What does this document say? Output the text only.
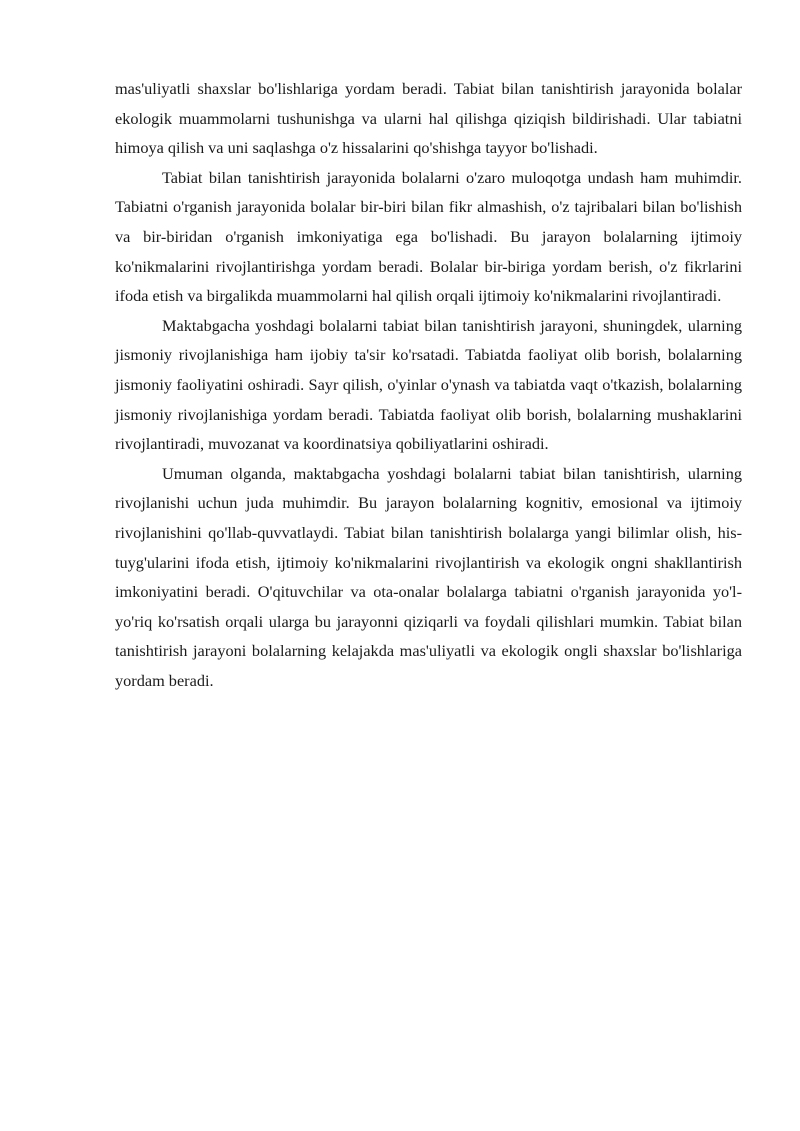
mas'uliyatli shaxslar bo'lishlariga yordam beradi. Tabiat bilan tanishtirish jarayonida bolalar ekologik muammolarni tushunishga va ularni hal qilishga qiziqish bildirishadi. Ular tabiatni himoya qilish va uni saqlashga o'z hissalarini qo'shishga tayyor bo'lishadi.

Tabiat bilan tanishtirish jarayonida bolalarni o'zaro muloqotga undash ham muhimdir. Tabiatni o'rganish jarayonida bolalar bir-biri bilan fikr almashish, o'z tajribalari bilan bo'lishish va bir-biridan o'rganish imkoniyatiga ega bo'lishadi. Bu jarayon bolalarning ijtimoiy ko'nikmalarini rivojlantirishga yordam beradi. Bolalar bir-biriga yordam berish, o'z fikrlarini ifoda etish va birgalikda muammolarni hal qilish orqali ijtimoiy ko'nikmalarini rivojlantiradi.

Maktabgacha yoshdagi bolalarni tabiat bilan tanishtirish jarayoni, shuningdek, ularning jismoniy rivojlanishiga ham ijobiy ta'sir ko'rsatadi. Tabiatda faoliyat olib borish, bolalarning jismoniy faoliyatini oshiradi. Sayr qilish, o'yinlar o'ynash va tabiatda vaqt o'tkazish, bolalarning jismoniy rivojlanishiga yordam beradi. Tabiatda faoliyat olib borish, bolalarning mushaklarini rivojlantiradi, muvozanat va koordinatsiya qobiliyatlarini oshiradi.

Umuman olganda, maktabgacha yoshdagi bolalarni tabiat bilan tanishtirish, ularning rivojlanishi uchun juda muhimdir. Bu jarayon bolalarning kognitiv, emosional va ijtimoiy rivojlanishini qo'llab-quvvatlaydi. Tabiat bilan tanishtirish bolalarga yangi bilimlar olish, his-tuyg'ularini ifoda etish, ijtimoiy ko'nikmalarini rivojlantirish va ekologik ongni shakllantirish imkoniyatini beradi. O'qituvchilar va ota-onalar bolalarga tabiatni o'rganish jarayonida yo'l-yo'riq ko'rsatish orqali ularga bu jarayonni qiziqarli va foydali qilishlari mumkin. Tabiat bilan tanishtirish jarayoni bolalarning kelajakda mas'uliyatli va ekologik ongli shaxslar bo'lishlariga yordam beradi.
